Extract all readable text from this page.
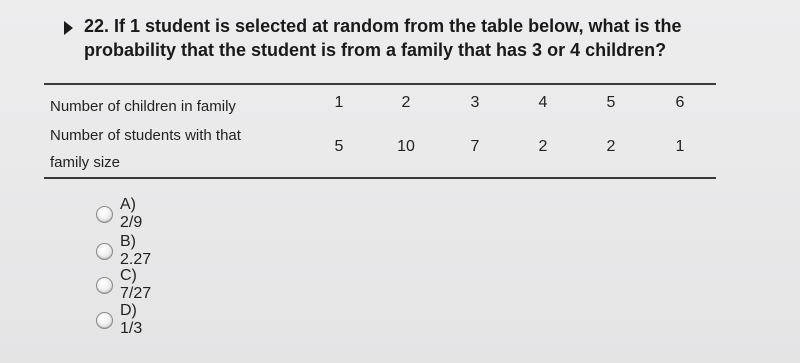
22. If 1 student is selected at random from the table below, what is the probability that the student is from a family that has 3 or 4 children?
Number of children in family	1	2	3	4	5	6
Number of students with that
family size
5	10	7	2	2	1
A) 2/9
B) 2.27
C) 7/27
D) 1/3
